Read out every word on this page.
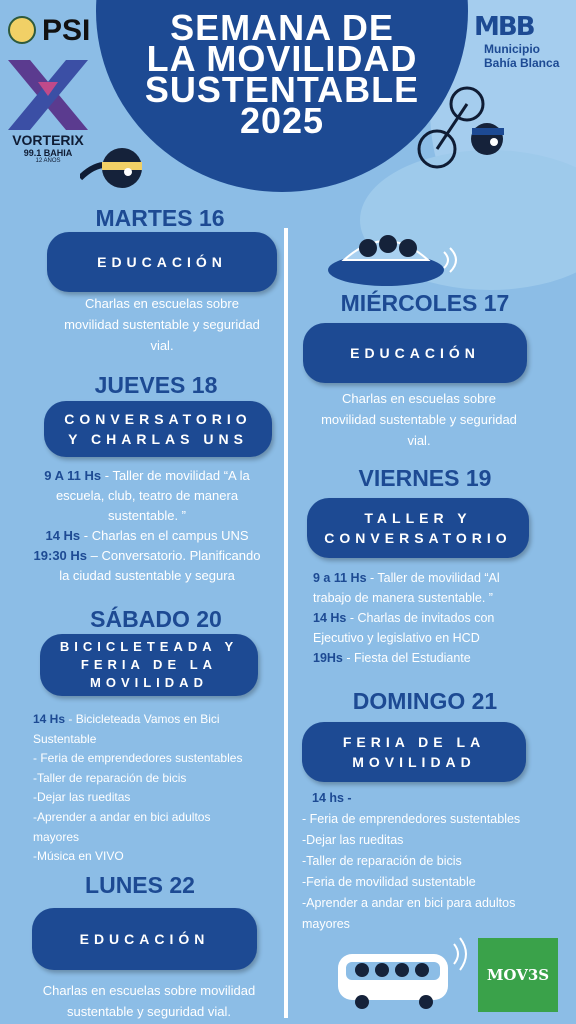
SEMANA DE
LA MOVILIDAD
SUSTENTABLE
2025
PSI
VORTERIX
99.1 BAHIA
12 AÑOS
MBB
Municipio
Bahía Blanca
MOV3S
MARTES 16
EDUCACIÓN
Charlas en escuelas sobre
movilidad sustentable y seguridad
vial.
JUEVES 18
CONVERSATORIO
Y CHARLAS UNS

9 A 11 Hs - Taller de movilidad “A la

escuela, club, teatro de manera

sustentable. ”

14 Hs - Charlas en el campus UNS

19:30 Hs – Conversatorio. Planificando

la ciudad sustentable y segura

SÁBADO 20
BICICLETEADA Y
FERIA DE LA
MOVILIDAD

14 Hs - Bicicleteada Vamos en Bici

Sustentable

- Feria de emprendedores sustentables

-Taller de reparación de bicis

-Dejar las rueditas

-Aprender a andar en bici adultos

mayores

-Música en VIVO

LUNES 22
EDUCACIÓN
Charlas en escuelas sobre movilidad
sustentable y seguridad vial.
MIÉRCOLES 17
EDUCACIÓN
Charlas en escuelas sobre
movilidad sustentable y seguridad
vial.
VIERNES 19
TALLER Y
CONVERSATORIO

9 a 11 Hs - Taller de movilidad “Al

trabajo de manera sustentable. ”

14 Hs - Charlas de invitados con

Ejecutivo y legislativo en HCD

19Hs - Fiesta del Estudiante

DOMINGO 21
FERIA DE LA
MOVILIDAD

14 hs -

- Feria de emprendedores sustentables

-Dejar las rueditas

-Taller de reparación de bicis

-Feria de movilidad sustentable

-Aprender a andar en bici para adultos

mayores
